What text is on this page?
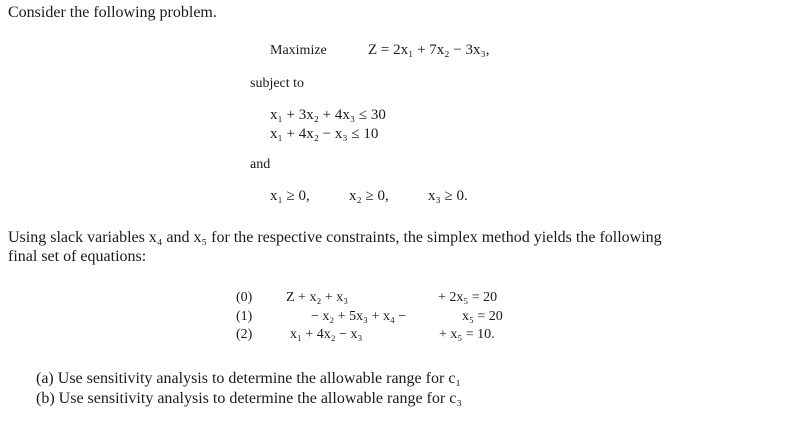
Consider the following problem.
Maximize	Z = 2x₁ + 7x₂ − 3x₃,
subject to
x₁ + 3x₂ + 4x₃ ≤ 30
x₁ + 4x₂ − x₃ ≤ 10
and
x₁ ≥ 0,	x₂ ≥ 0,	x₃ ≥ 0.
Using slack variables x₄ and x₅ for the respective constraints, the simplex method yields the following
final set of equations:
(0) Z + x₂ + x₃	+ 2x₅ = 20
(1)	− x₂ + 5x₃ + x₄ −	x₅ = 20
(2)	x₁ + 4x₂ − x₃	+ x₅ = 10.
(a) Use sensitivity analysis to determine the allowable range for c₁
(b) Use sensitivity analysis to determine the allowable range for c₃
